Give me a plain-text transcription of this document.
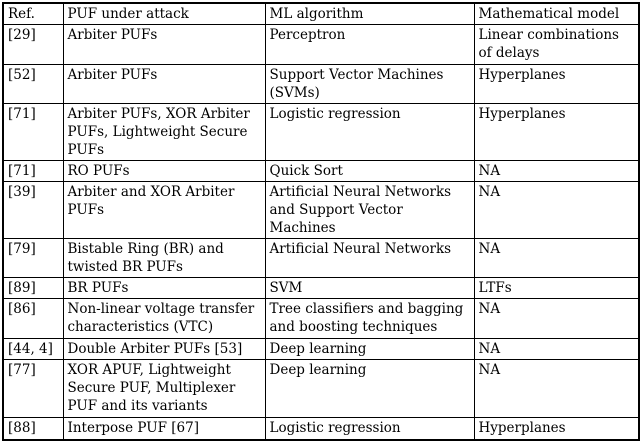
Ref.	PUF under attack	ML algorithm	Mathematical model
[29]	Arbiter PUFs	Perceptron	Linear combinations of delays
[52]	Arbiter PUFs	Support Vector Machines (SVMs)	Hyperplanes
[71]	Arbiter PUFs, XOR Arbiter PUFs, Lightweight Secure PUFs	Logistic regression	Hyperplanes
[71]	RO PUFs	Quick Sort	NA
[39]	Arbiter and XOR Arbiter PUFs	Artificial Neural Networks and Support Vector Machines	NA
[79]	Bistable Ring (BR) and twisted BR PUFs	Artificial Neural Networks	NA
[89]	BR PUFs	SVM	LTFs
[86]	Non-linear voltage transfer characteristics (VTC)	Tree classifiers and bagging and boosting techniques	NA
[44, 4]	Double Arbiter PUFs [53]	Deep learning	NA
[77]	XOR APUF, Lightweight Secure PUF, Multiplexer PUF and its variants	Deep learning	NA
[88]	Interpose PUF [67]	Logistic regression	Hyperplanes
